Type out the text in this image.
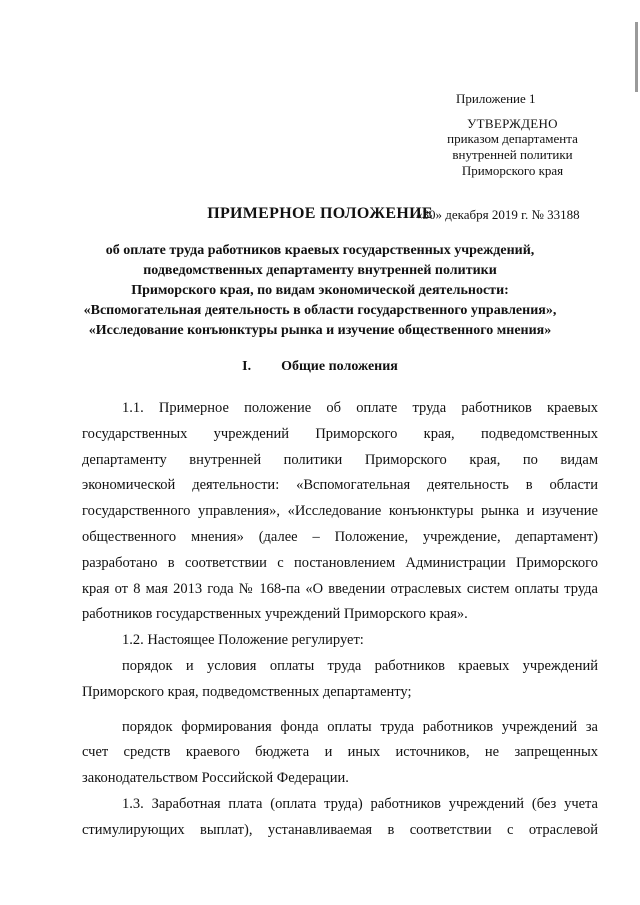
Приложение 1
УТВЕРЖДЕНО
приказом департамента
внутренней политики
Приморского края
«30» декабря 2019 г. № 33188
ПРИМЕРНОЕ ПОЛОЖЕНИЕ
об оплате труда работников краевых государственных учреждений,
подведомственных департаменту внутренней политики
Приморского края, по видам экономической деятельности:
«Вспомогательная деятельность в области государственного управления»,
«Исследование конъюнктуры рынка и изучение общественного мнения»
I. Общие положения

1.1. Примерное положение об оплате труда работников краевых

государственных учреждений Приморского края, подведомственных

департаменту внутренней политики Приморского края, по видам

экономической деятельности: «Вспомогательная деятельность в области

государственного управления», «Исследование конъюнктуры рынка и изучение

общественного мнения» (далее – Положение, учреждение, департамент)

разработано в соответствии с постановлением Администрации Приморского

края от 8 мая 2013 года № 168-па «О введении отраслевых систем оплаты труда

работников государственных учреждений Приморского края».

1.2. Настоящее Положение регулирует:

порядок и условия оплаты труда работников краевых учреждений

Приморского края, подведомственных департаменту;

порядок формирования фонда оплаты труда работников учреждений за

счет средств краевого бюджета и иных источников, не запрещенных

законодательством Российской Федерации.

1.3. Заработная плата (оплата труда) работников учреждений (без учета

стимулирующих выплат), устанавливаемая в соответствии с отраслевой
